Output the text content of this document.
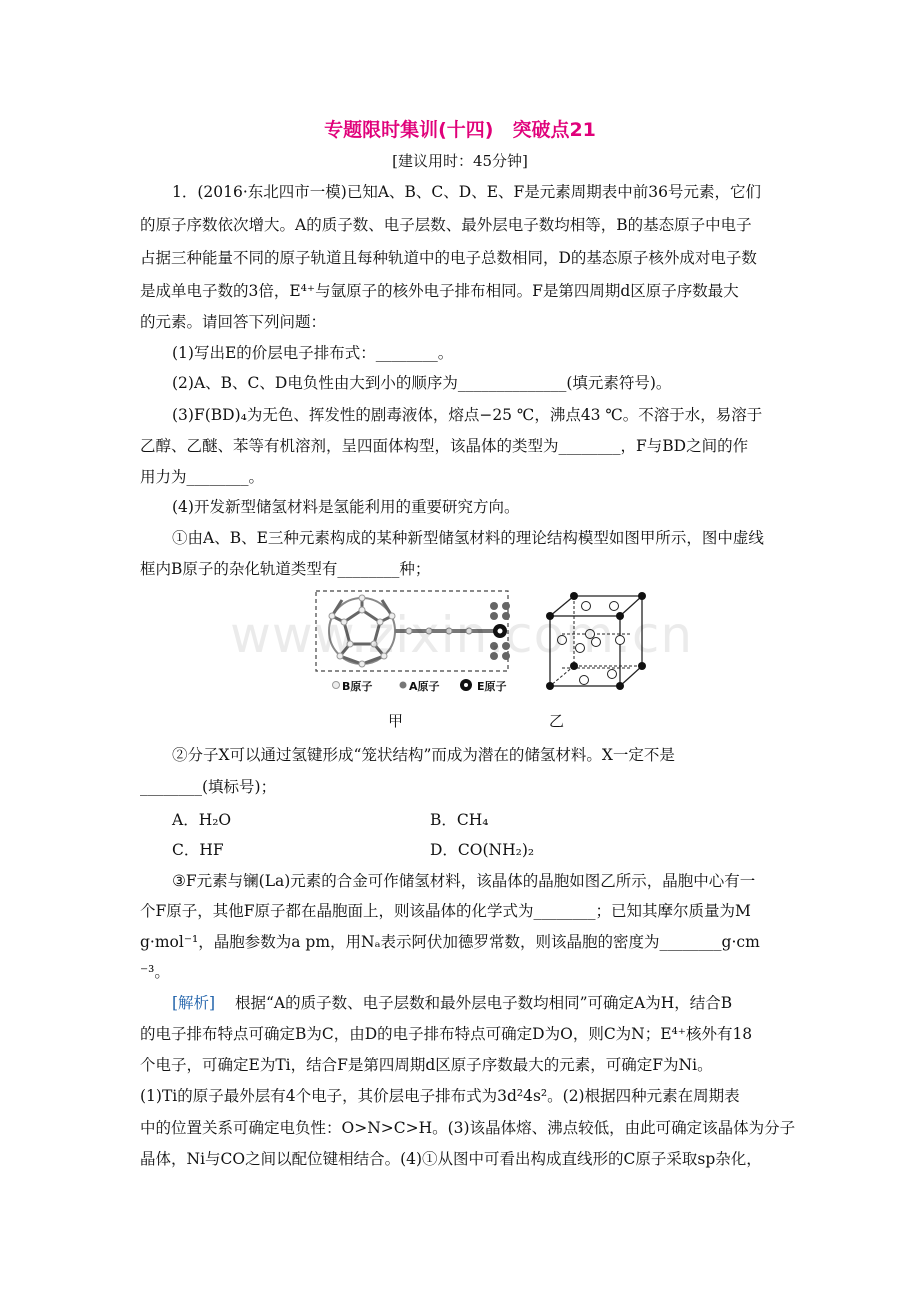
专题限时集训(十四)　突破点21
[建议用时：45分钟]
1．(2016·东北四市一模)已知A、B、C、D、E、F是元素周期表中前36号元素，它们
的原子序数依次增大。A的质子数、电子层数、最外层电子数均相等，B的基态原子中电子
占据三种能量不同的原子轨道且每种轨道中的电子总数相同，D的基态原子核外成对电子数
是成单电子数的3倍，E⁴⁺与氩原子的核外电子排布相同。F是第四周期d区原子序数最大
的元素。请回答下列问题：
(1)写出E的价层电子排布式：________。
(2)A、B、C、D电负性由大到小的顺序为______________(填元素符号)。
(3)F(BD)₄为无色、挥发性的剧毒液体，熔点−25 ℃，沸点43 ℃。不溶于水，易溶于
乙醇、乙醚、苯等有机溶剂，呈四面体构型，该晶体的类型为________，F与BD之间的作
用力为________。
(4)开发新型储氢材料是氢能利用的重要研究方向。
①由A、B、E三种元素构成的某种新型储氢材料的理论结构模型如图甲所示，图中虚线
框内B原子的杂化轨道类型有________种；
B原子	A原子	E原子
www.zixin.com.cn
甲	乙
②分子X可以通过氢键形成“笼状结构”而成为潜在的储氢材料。X一定不是
________(填标号)；
A．H₂O	B．CH₄
C．HF	D．CO(NH₂)₂
③F元素与镧(La)元素的合金可作储氢材料，该晶体的晶胞如图乙所示，晶胞中心有一
个F原子，其他F原子都在晶胞面上，则该晶体的化学式为________；已知其摩尔质量为M
g·mol⁻¹，晶胞参数为a pm，用Nₐ表示阿伏加德罗常数，则该晶胞的密度为________g·cm
⁻³。
[解析] 根据“A的质子数、电子层数和最外层电子数均相同”可确定A为H，结合B
的电子排布特点可确定B为C，由D的电子排布特点可确定D为O，则C为N；E⁴⁺核外有18
个电子，可确定E为Ti，结合F是第四周期d区原子序数最大的元素，可确定F为Ni。
(1)Ti的原子最外层有4个电子，其价层电子排布式为3d²4s²。(2)根据四种元素在周期表
中的位置关系可确定电负性：O>N>C>H。(3)该晶体熔、沸点较低，由此可确定该晶体为分子
晶体，Ni与CO之间以配位键相结合。(4)①从图中可看出构成直线形的C原子采取sp杂化，
